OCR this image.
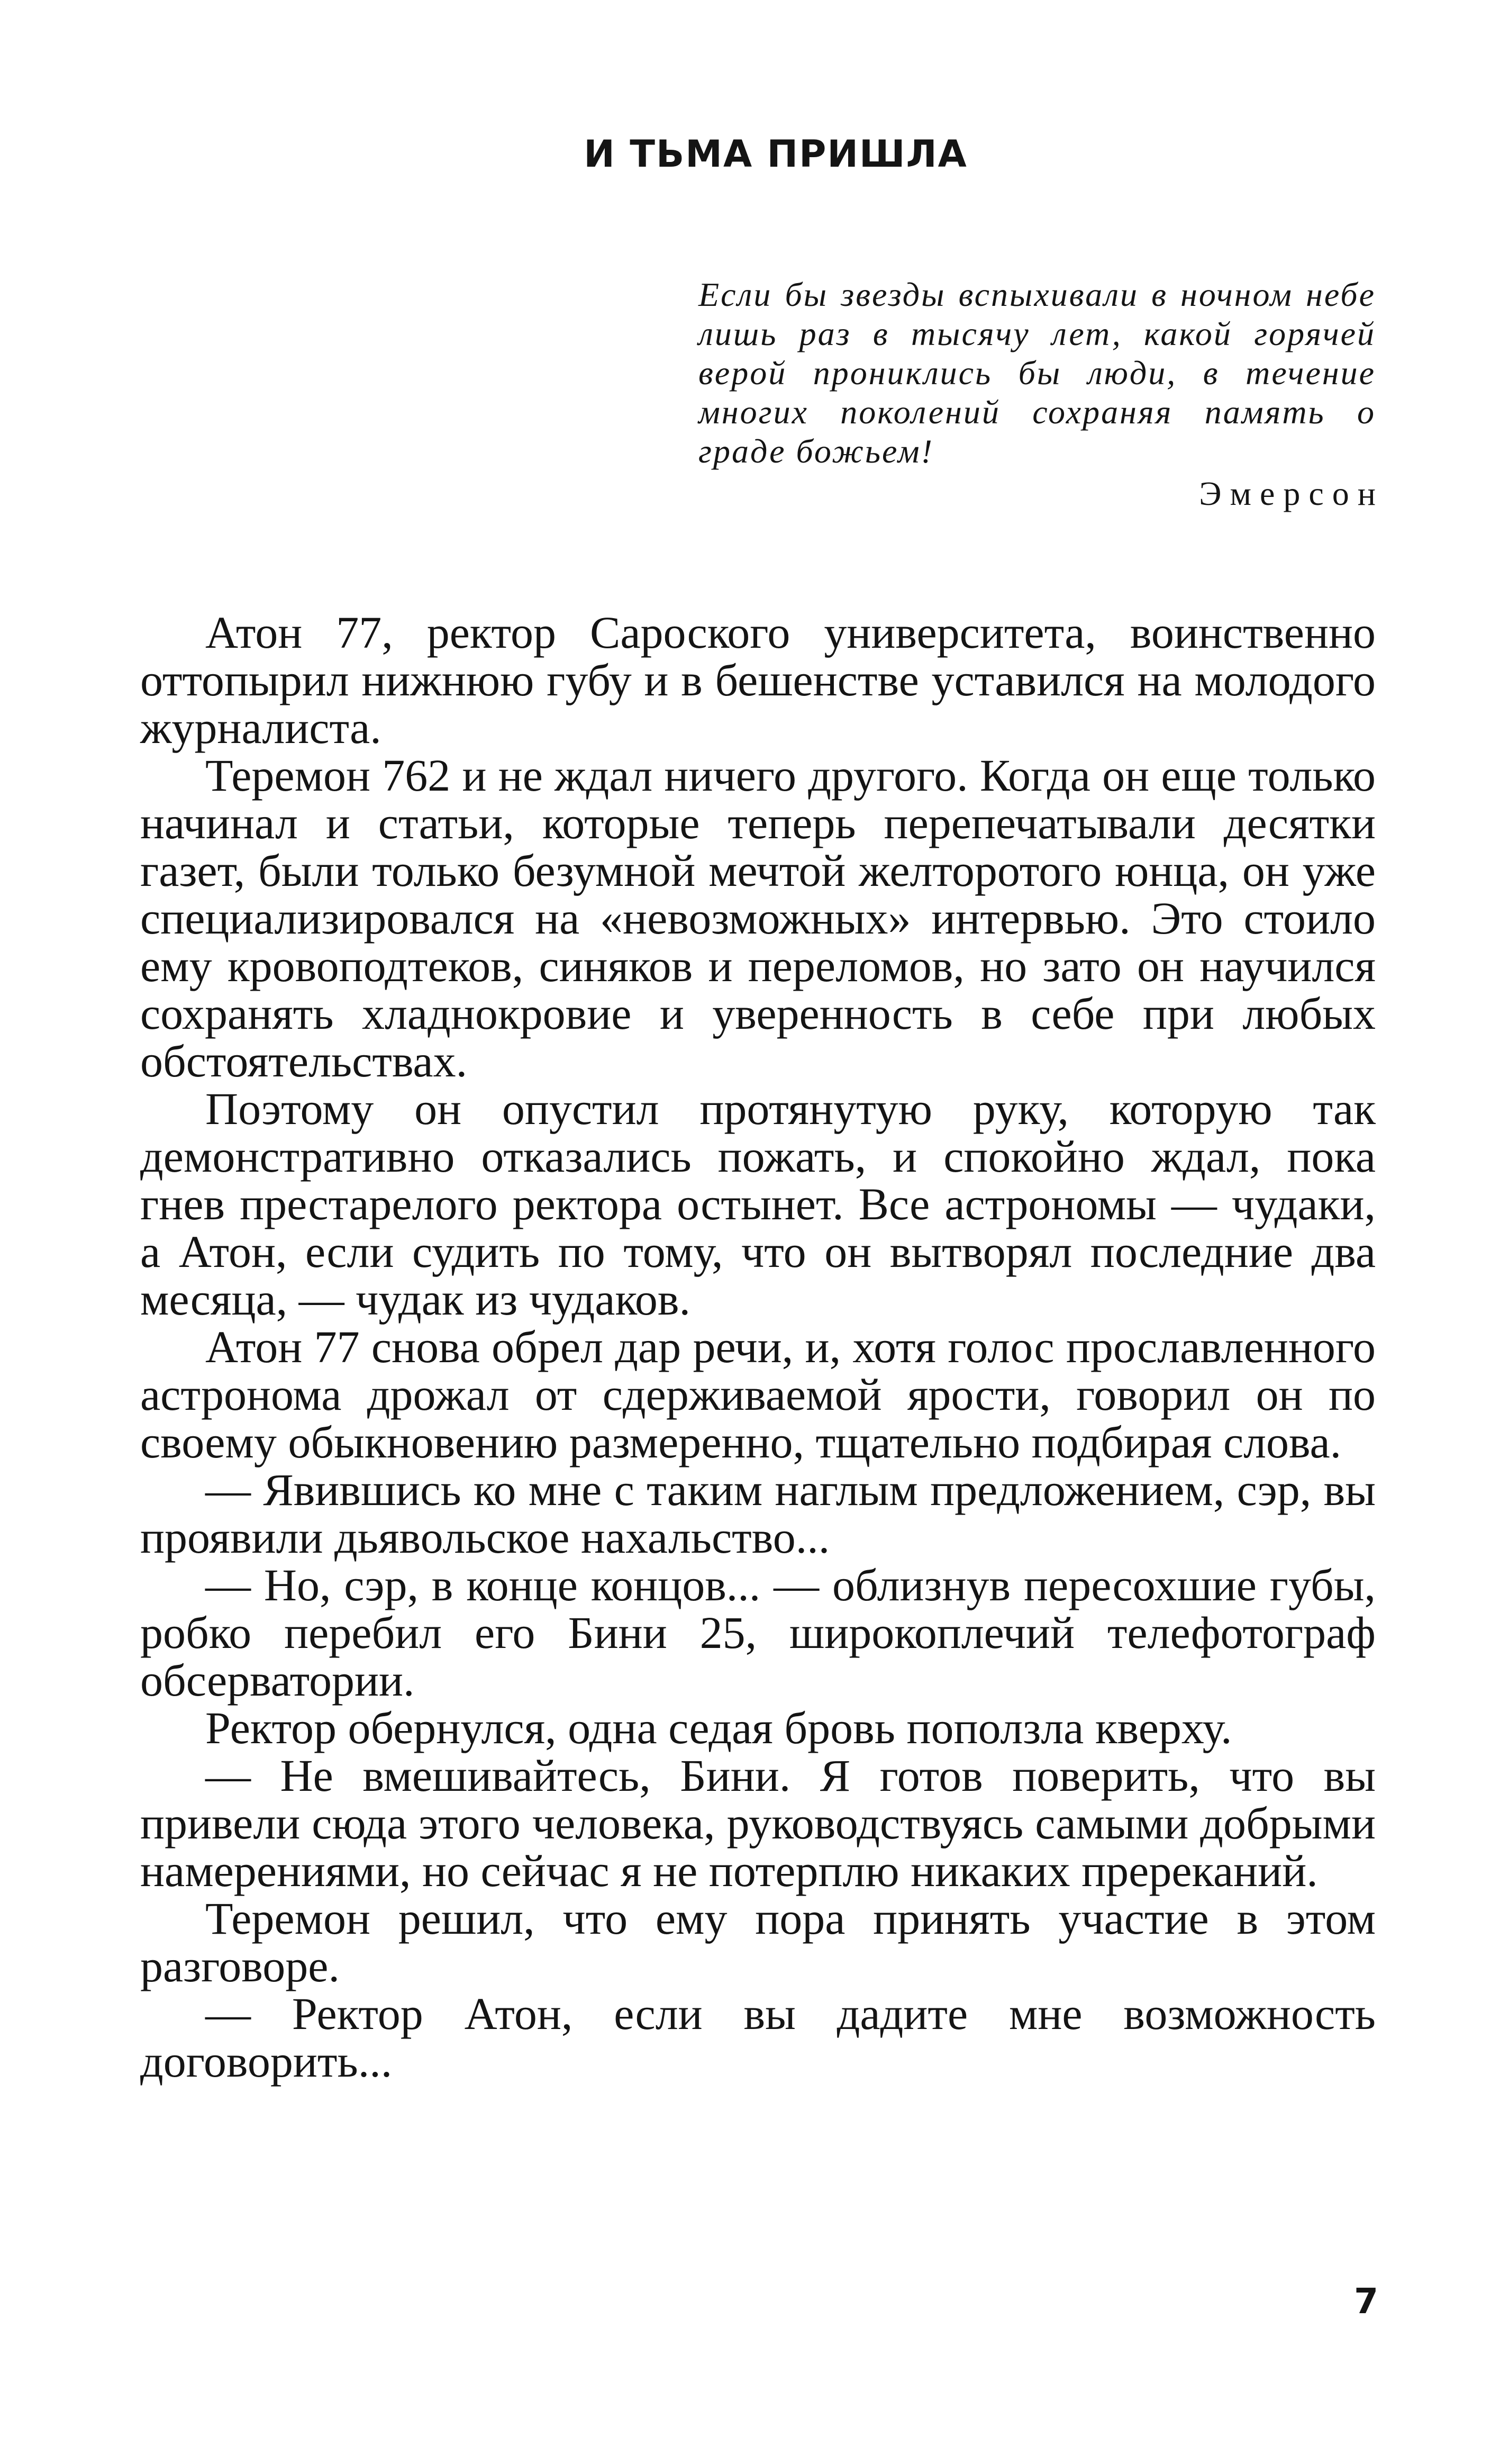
И ТЬМА ПРИШЛА

Если бы звезды вспыхивали в ночном небе лишь раз в тысячу лет, какой горячей верой прониклись бы люди, в течение многих поколений сохраняя память о граде божьем!

Эмерсон

Атон 77, ректор Сароского университета, воинственно оттопырил нижнюю губу и в бешенстве уставился на молодого журналиста.

Теремон 762 и не ждал ничего другого. Когда он еще только начинал и статьи, которые теперь перепечатывали десятки газет, были только безумной мечтой желторотого юнца, он уже специализировался на «невозможных» интервью. Это стоило ему кровоподтеков, синяков и переломов, но зато он научился сохранять хладнокровие и уверенность в себе при любых обстоятельствах.

Поэтому он опустил протянутую руку, которую так демонстративно отказались пожать, и спокойно ждал, пока гнев престарелого ректора остынет. Все астрономы — чудаки, а Атон, если судить по тому, что он вытворял последние два месяца, — чудак из чудаков.

Атон 77 снова обрел дар речи, и, хотя голос прославленного астронома дрожал от сдерживаемой ярости, говорил он по своему обыкновению размеренно, тщательно подбирая слова.

— Явившись ко мне с таким наглым предложением, сэр, вы проявили дьявольское нахальство...

— Но, сэр, в конце концов... — облизнув пересохшие губы, робко перебил его Бини 25, широкоплечий телефотограф обсерватории.

Ректор обернулся, одна седая бровь поползла кверху.

— Не вмешивайтесь, Бини. Я готов поверить, что вы привели сюда этого человека, руководствуясь самыми добрыми намерениями, но сейчас я не потерплю никаких пререканий.

Теремон решил, что ему пора принять участие в этом разговоре.

— Ректор Атон, если вы дадите мне возможность договорить...

7
